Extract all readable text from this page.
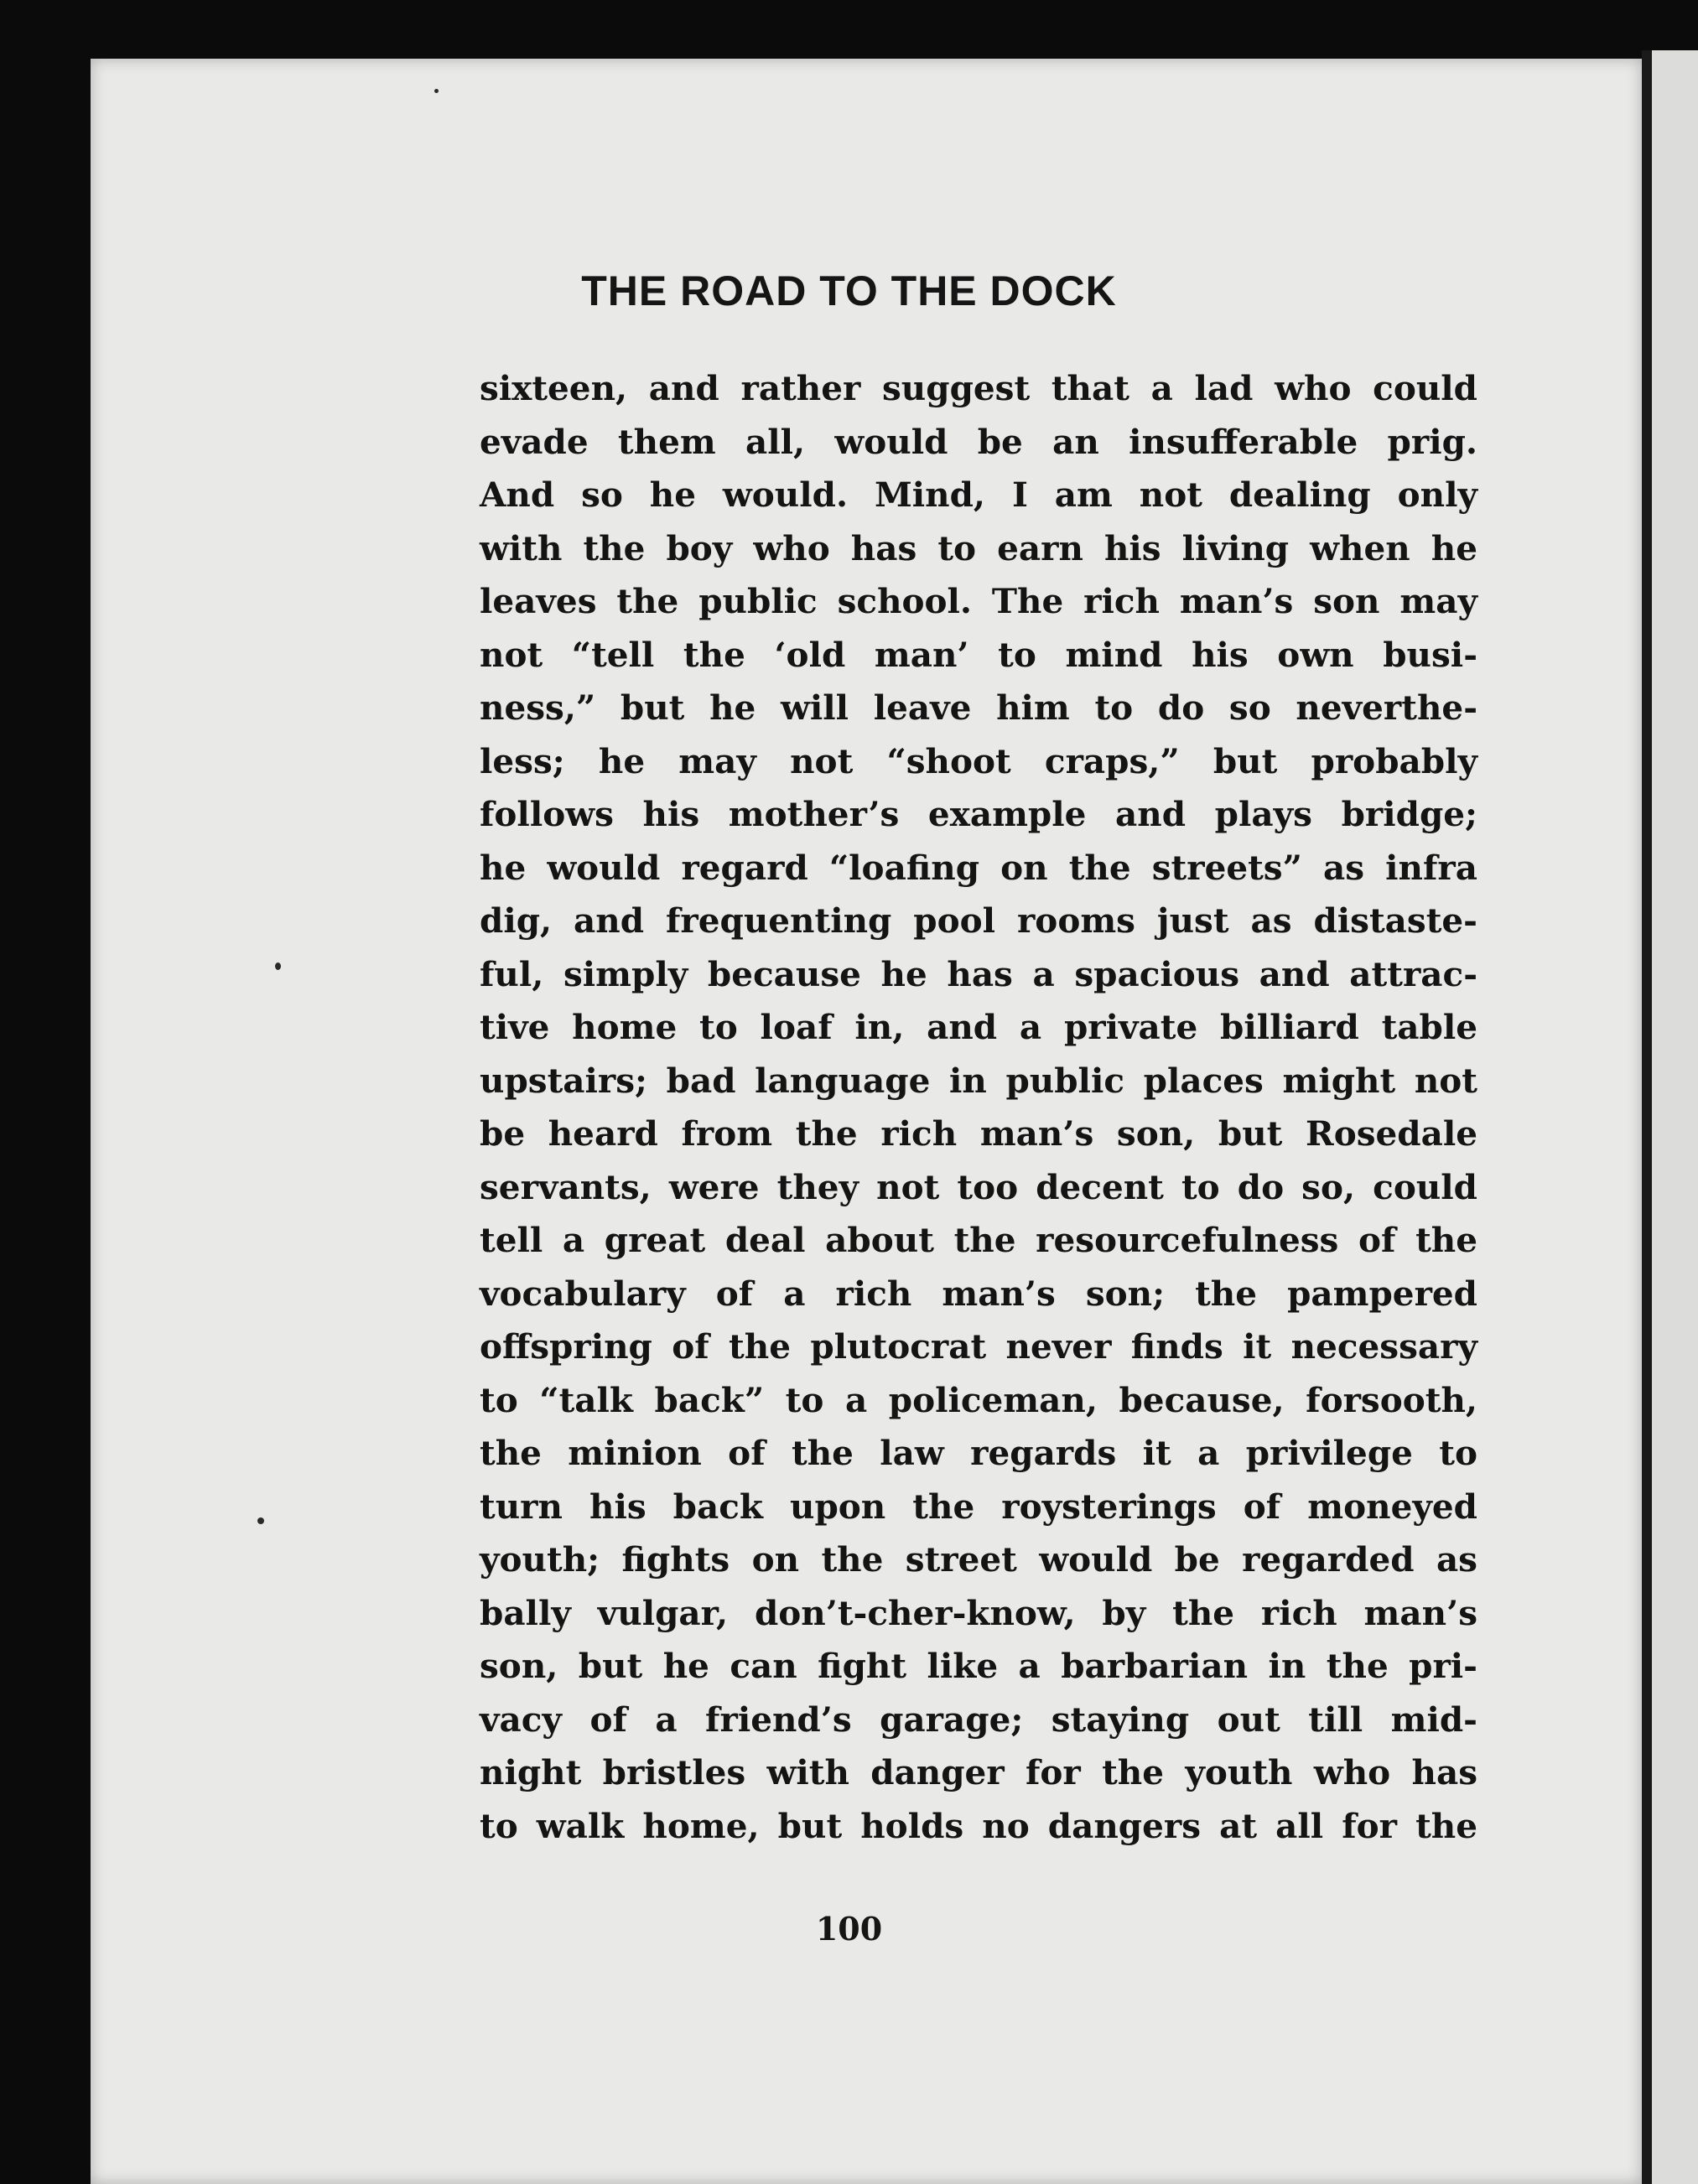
THE ROAD TO THE DOCK
sixteen, and rather suggest that a lad who could
evade them all, would be an insufferable prig.
And so he would. Mind, I am not dealing only
with the boy who has to earn his living when he
leaves the public school. The rich man’s son may
not “tell the ‘old man’ to mind his own busi-
ness,” but he will leave him to do so neverthe-
less; he may not “shoot craps,” but probably
follows his mother’s example and plays bridge;
he would regard “loafing on the streets” as infra
dig, and frequenting pool rooms just as distaste-
ful, simply because he has a spacious and attrac-
tive home to loaf in, and a private billiard table
upstairs; bad language in public places might not
be heard from the rich man’s son, but Rosedale
servants, were they not too decent to do so, could
tell a great deal about the resourcefulness of the
vocabulary of a rich man’s son; the pampered
offspring of the plutocrat never finds it necessary
to “talk back” to a policeman, because, forsooth,
the minion of the law regards it a privilege to
turn his back upon the roysterings of moneyed
youth; fights on the street would be regarded as
bally vulgar, don’t-cher-know, by the rich man’s
son, but he can fight like a barbarian in the pri-
vacy of a friend’s garage; staying out till mid-
night bristles with danger for the youth who has
to walk home, but holds no dangers at all for the
100
